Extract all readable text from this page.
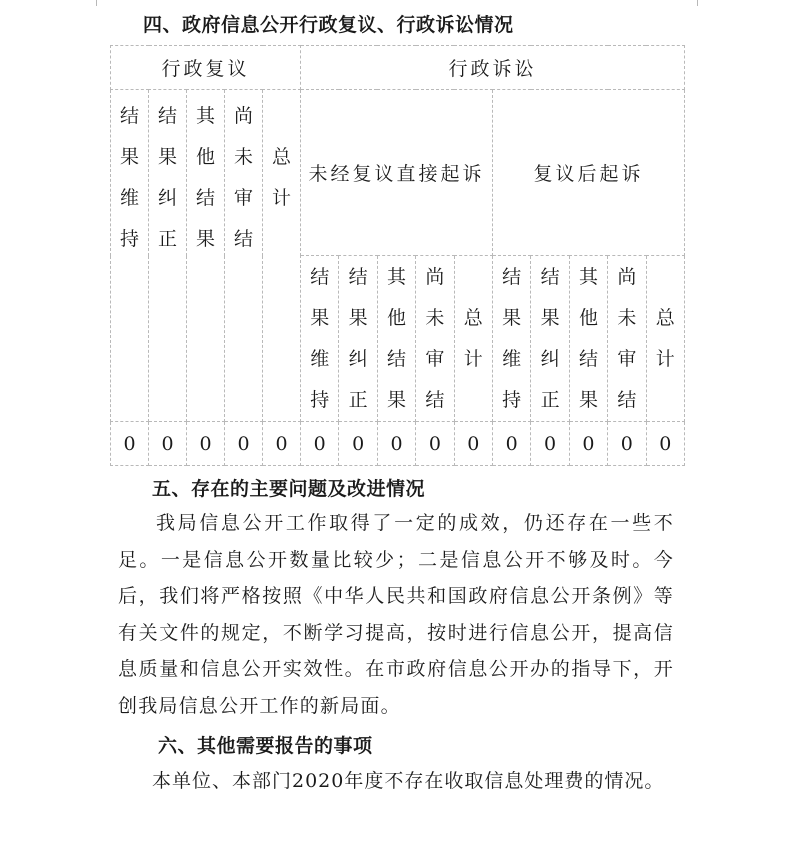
四、政府信息公开行政复议、行政诉讼情况
行政复议					行政诉讼									
结果维持	结果纠正	其他结果	尚未审结	总计	未经复议直接起诉					复议后起诉				
					结果维持	结果纠正	其他结果	尚未审结	总计	结果维持	结果纠正	其他结果	尚未审结	总计
0	0	0	0	0	0	0	0	0	0	0	0	0	0	0
五、存在的主要问题及改进情况
我局信息公开工作取得了一定的成效，仍还存在一些不足。一是信息公开数量比较少；二是信息公开不够及时。今后，我们将严格按照《中华人民共和国政府信息公开条例》等有关文件的规定，不断学习提高，按时进行信息公开，提高信息质量和信息公开实效性。在市政府信息公开办的指导下，开创我局信息公开工作的新局面。
六、其他需要报告的事项
本单位、本部门2020年度不存在收取信息处理费的情况。
